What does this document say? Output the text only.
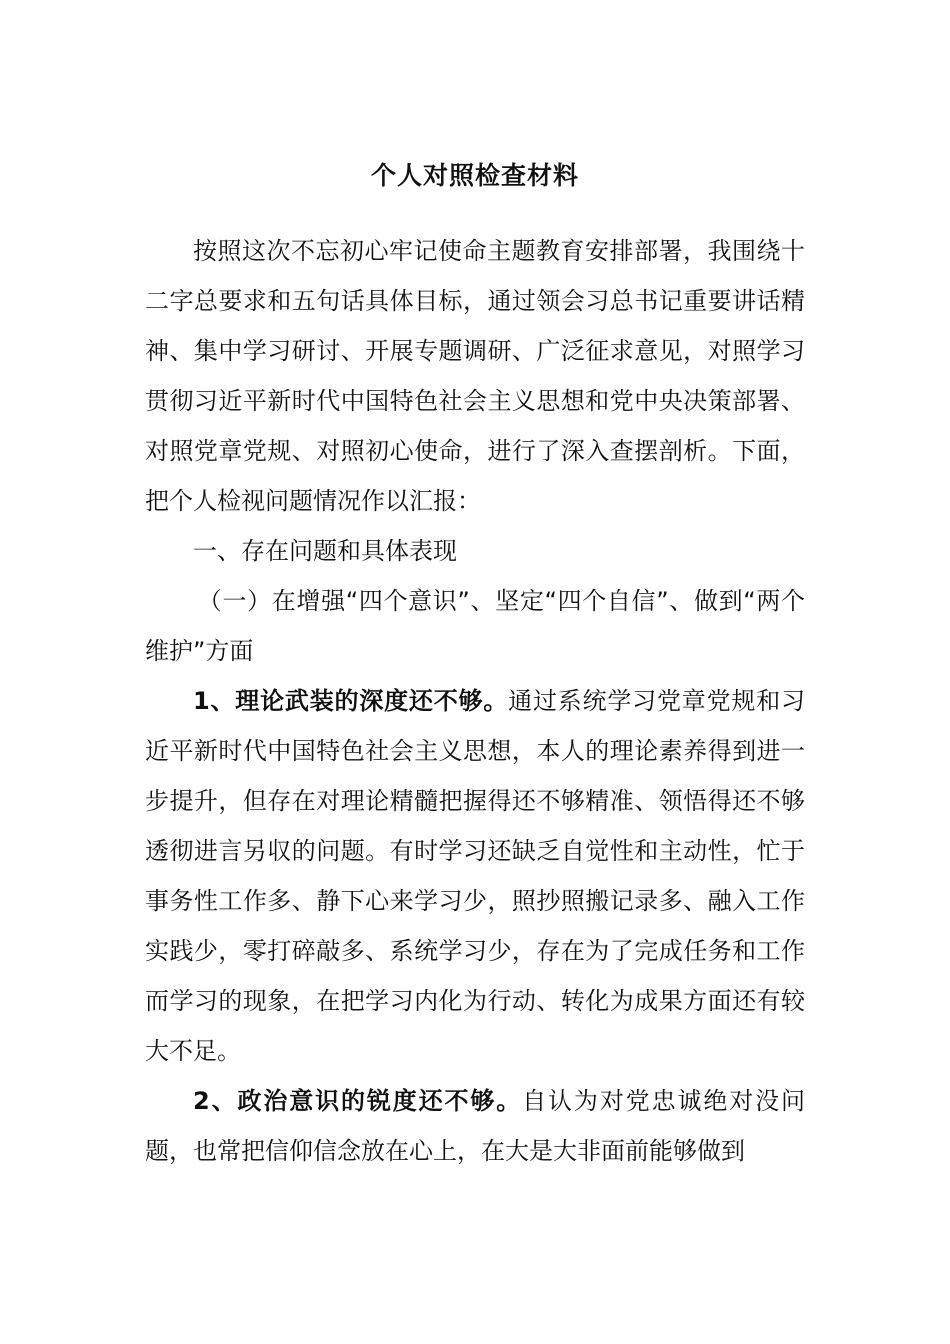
个人对照检查材料

按照这次不忘初心牢记使命主题教育安排部署，我围绕十二字总要求和五句话具体目标，通过领会习总书记重要讲话精神、集中学习研讨、开展专题调研、广泛征求意见，对照学习贯彻习近平新时代中国特色社会主义思想和党中央决策部署、对照党章党规、对照初心使命，进行了深入查摆剖析。下面，把个人检视问题情况作以汇报：

一、存在问题和具体表现

（一）在增强“四个意识”、坚定“四个自信”、做到“两个维护”方面

1、理论武装的深度还不够。通过系统学习党章党规和习近平新时代中国特色社会主义思想，本人的理论素养得到进一步提升，但存在对理论精髓把握得还不够精准、领悟得还不够透彻进言另収的问题。有时学习还缺乏自觉性和主动性，忙于事务性工作多、静下心来学习少，照抄照搬记录多、融入工作实践少，零打碎敲多、系统学习少，存在为了完成任务和工作而学习的现象，在把学习内化为行动、转化为成果方面还有较大不足。

2、政治意识的锐度还不够。自认为对党忠诚绝对没问题，也常把信仰信念放在心上，在大是大非面前能够做到
